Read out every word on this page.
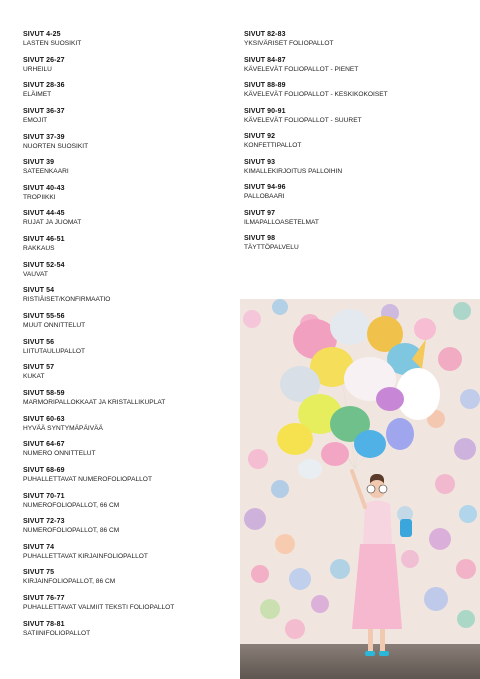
SIVUT 4-25
LASTEN SUOSIKIT
SIVUT 26-27
URHEILU
SIVUT 28-36
ELÄIMET
SIVUT 36-37
EMOJIT
SIVUT 37-39
NUORTEN SUOSIKIT
SIVUT 39
SATEENKAARI
SIVUT 40-43
TROPIIKKI
SIVUT 44-45
RUJAT JA JUOMAT
SIVUT 46-51
RAKKAUS
SIVUT 52-54
VAUVAT
SIVUT 54
RISTIÄISET/KONFIRMAATIO
SIVUT 55-56
MUUT ONNITTELUT
SIVUT 56
LIITUTAULUPALLOT
SIVUT 57
KUKAT
SIVUT 58-59
MARMORIPALLOKKAAT JA KRISTALLIKUPLAT
SIVUT 60-63
HYVÄÄ SYNTYMÄPÄIVÄÄ
SIVUT 64-67
NUMERO ONNITTELUT
SIVUT 68-69
PUHALLETTAVAT NUMEROFOLIOPALLOT
SIVUT 70-71
NUMEROFOLIOPALLOT, 66 CM
SIVUT 72-73
NUMEROFOLIOPALLOT, 86 CM
SIVUT 74
PUHALLETTAVAT KIRJAINFOLIOPALLOT
SIVUT 75
KIRJAINFOLIOPALLOT, 86 CM
SIVUT 76-77
PUHALLETTAVAT VALMIIT TEKSTI FOLIOPALLOT
SIVUT 78-81
SATIINIFOLIOPALLOT
SIVUT 82-83
YKSIVÄRISET FOLIOPALLOT
SIVUT 84-87
KÄVELEVÄT FOLIOPALLOT - PIENET
SIVUT 88-89
KÄVELEVÄT FOLIOPALLOT - KESKIKOKOISET
SIVUT 90-91
KÄVELEVÄT FOLIOPALLOT - SUURET
SIVUT 92
KONFETTIPALLOT
SIVUT 93
KIMALLEKIRJOITUS PALLOIHIN
SIVUT 94-96
PALLOBAARI
SIVUT 97
ILMAPALLOASETELMAT
SIVUT 98
TÄYTTÖPALVELU
